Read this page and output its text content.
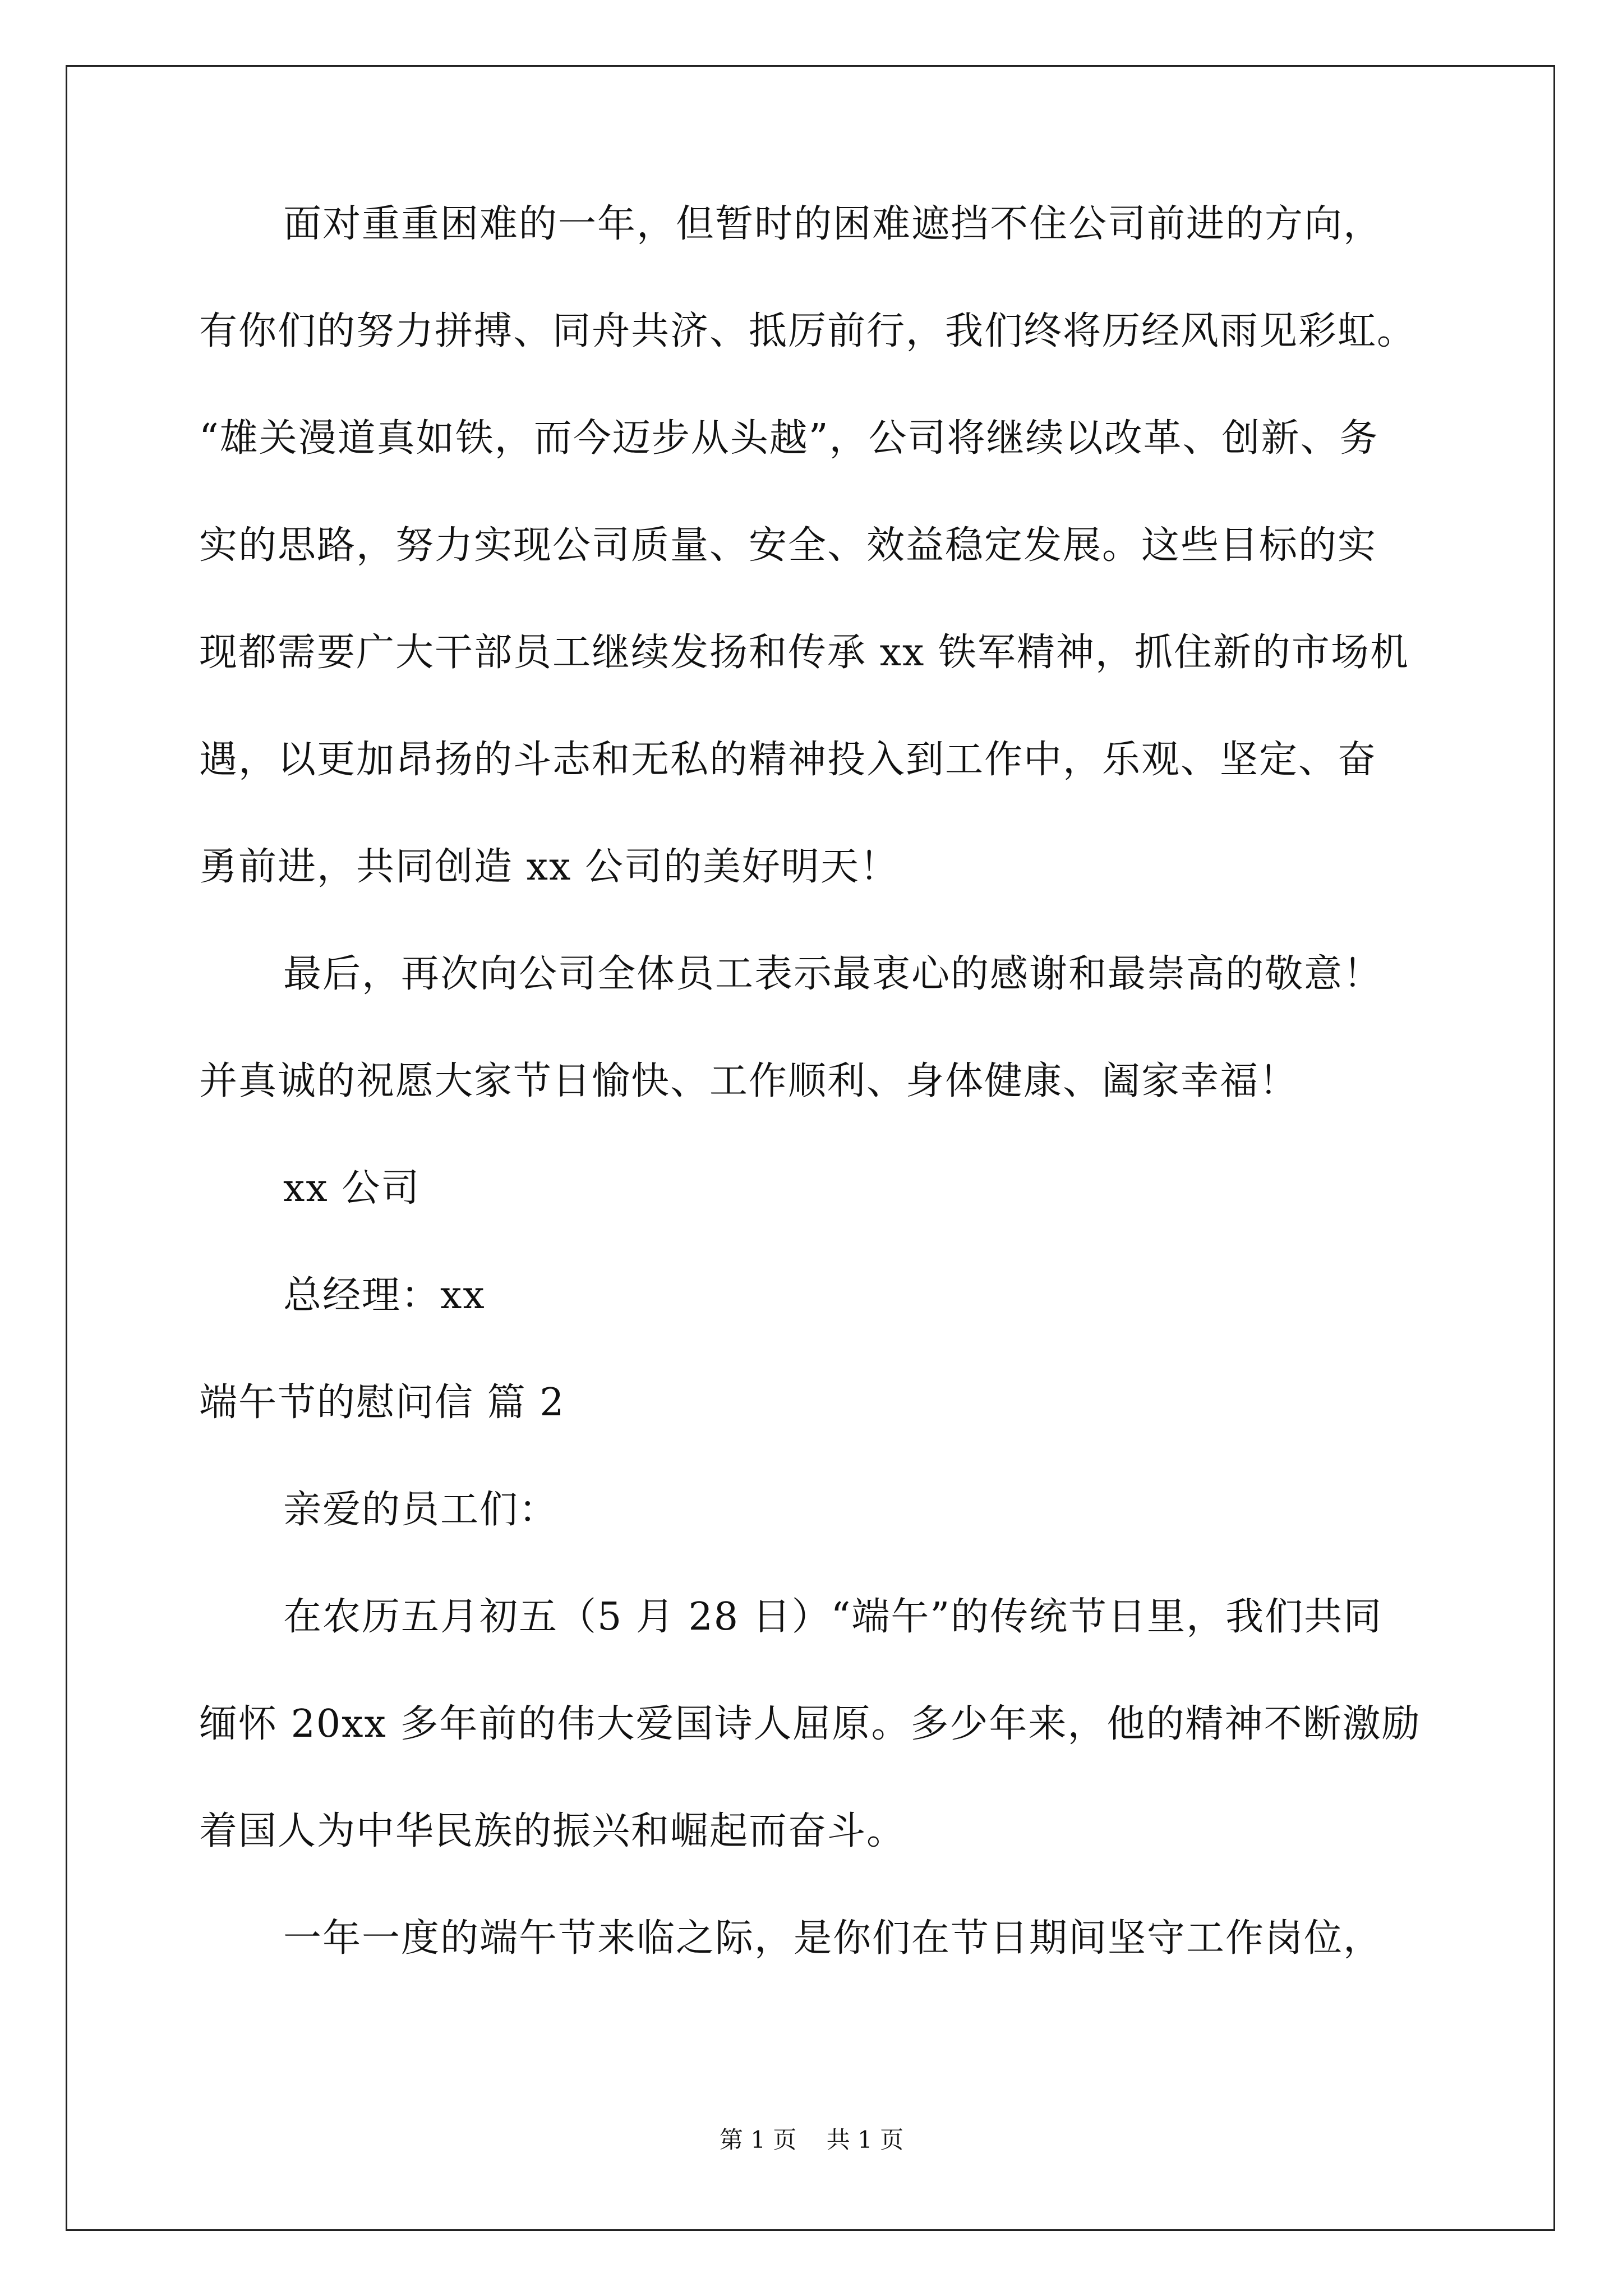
面对重重困难的一年，但暂时的困难遮挡不住公司前进的方向，
有你们的努力拼搏、同舟共济、抵厉前行，我们终将历经风雨见彩虹。
“雄关漫道真如铁，而今迈步从头越”，公司将继续以改革、创新、务
实的思路，努力实现公司质量、安全、效益稳定发展。这些目标的实
现都需要广大干部员工继续发扬和传承 xx 铁军精神，抓住新的市场机
遇，以更加昂扬的斗志和无私的精神投入到工作中，乐观、坚定、奋
勇前进，共同创造 xx 公司的美好明天！
最后，再次向公司全体员工表示最衷心的感谢和最崇高的敬意！
并真诚的祝愿大家节日愉快、工作顺利、身体健康、阖家幸福！
xx 公司
总经理：xx
端午节的慰问信 篇 2
亲爱的员工们：
在农历五月初五（5 月 28 日）“端午”的传统节日里，我们共同
缅怀 20xx 多年前的伟大爱国诗人屈原。多少年来，他的精神不断激励
着国人为中华民族的振兴和崛起而奋斗。
一年一度的端午节来临之际，是你们在节日期间坚守工作岗位，
第 1 页    共 1 页
